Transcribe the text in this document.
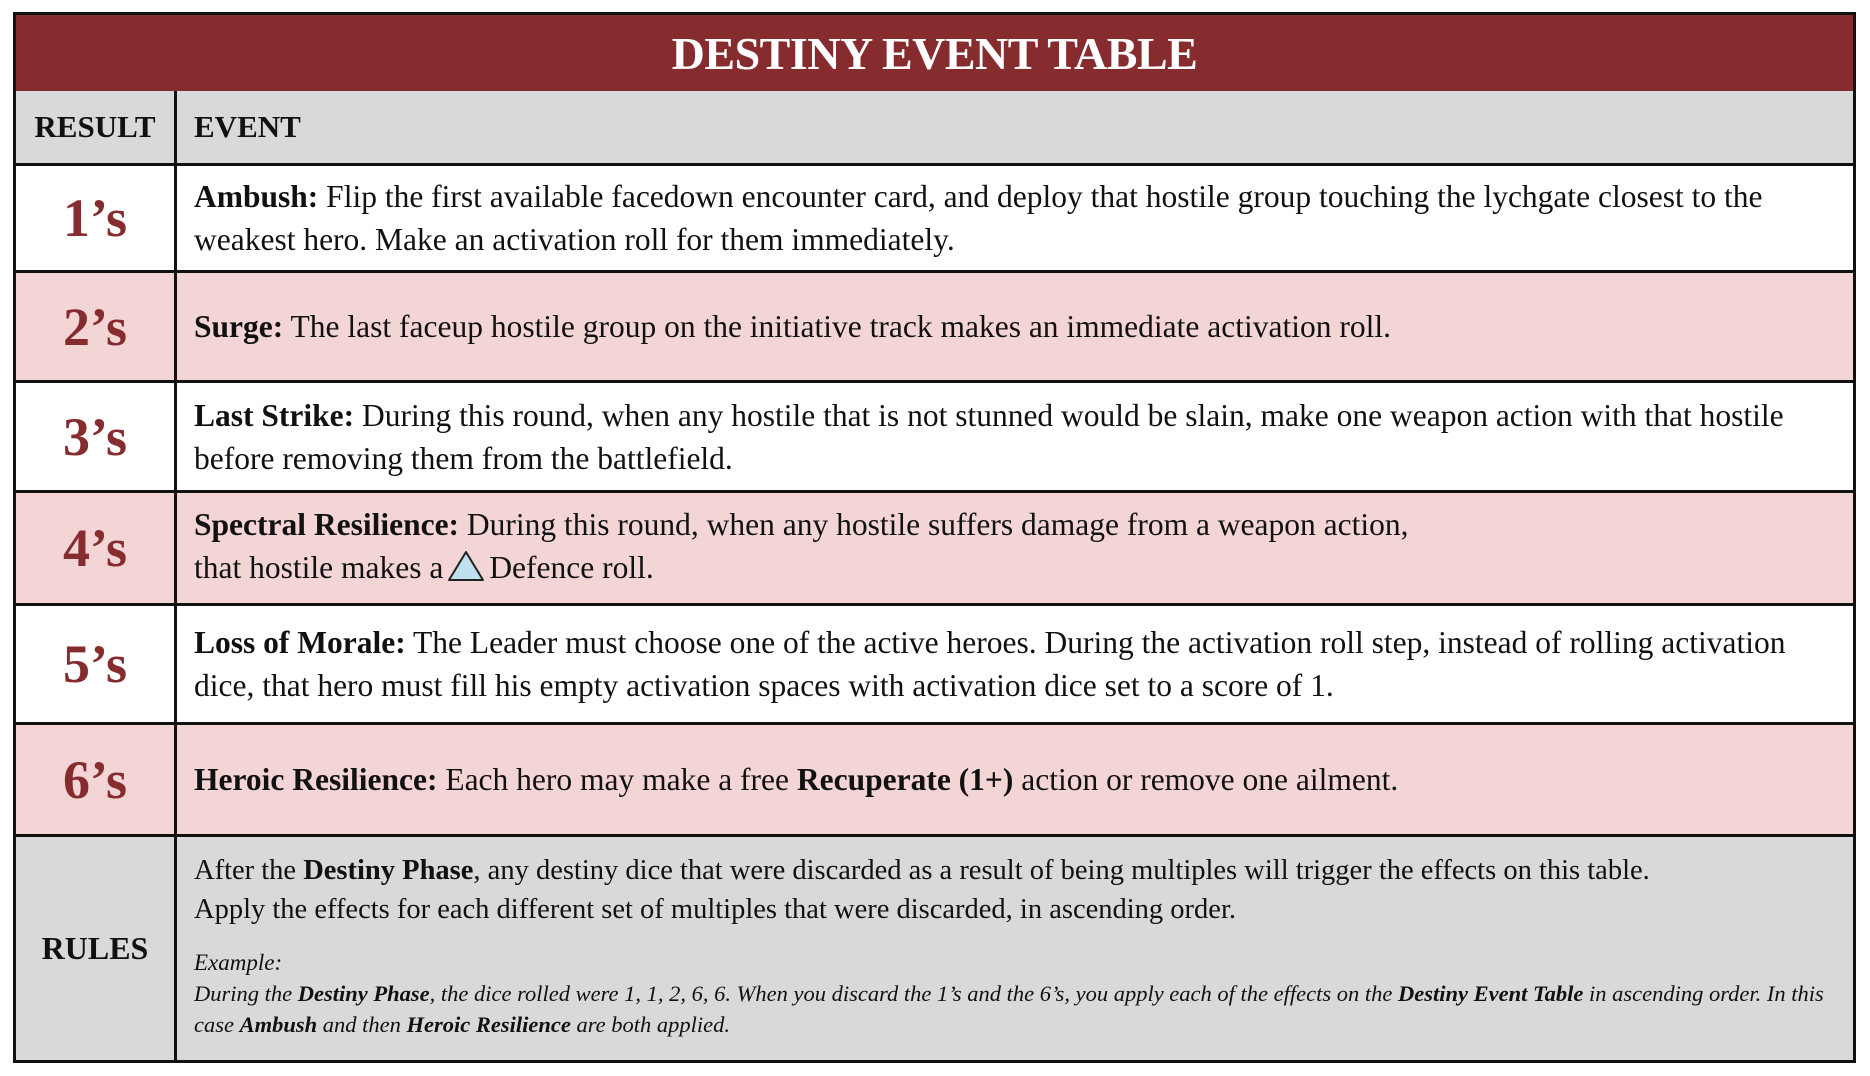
DESTINY EVENT TABLE
RESULT	EVENT
1’s Ambush: Flip the first available facedown encounter card, and deploy that hostile group touching the lychgate closest to the weakest hero. Make an activation roll for them immediately.
2’s Surge: The last faceup hostile group on the initiative track makes an immediate activation roll.
3’s Last Strike: During this round, when any hostile that is not stunned would be slain, make one weapon action with that hostile before removing them from the battlefield.
4’s Spectral Resilience: During this round, when any hostile suffers damage from a weapon action,
that hostile makes a Defence roll.
5’s Loss of Morale: The Leader must choose one of the active heroes. During the activation roll step, instead of rolling activation dice, that hero must fill his empty activation spaces with activation dice set to a score of 1.
6’s Heroic Resilience: Each hero may make a free Recuperate (1+) action or remove one ailment.
RULES
After the Destiny Phase, any destiny dice that were discarded as a result of being multiples will trigger the effects on this table.
Apply the effects for each different set of multiples that were discarded, in ascending order.
Example:
During the Destiny Phase, the dice rolled were 1, 1, 2, 6, 6. When you discard the 1’s and the 6’s, you apply each of the effects on the Destiny Event Table in ascending order. In this case Ambush and then Heroic Resilience are both applied.
